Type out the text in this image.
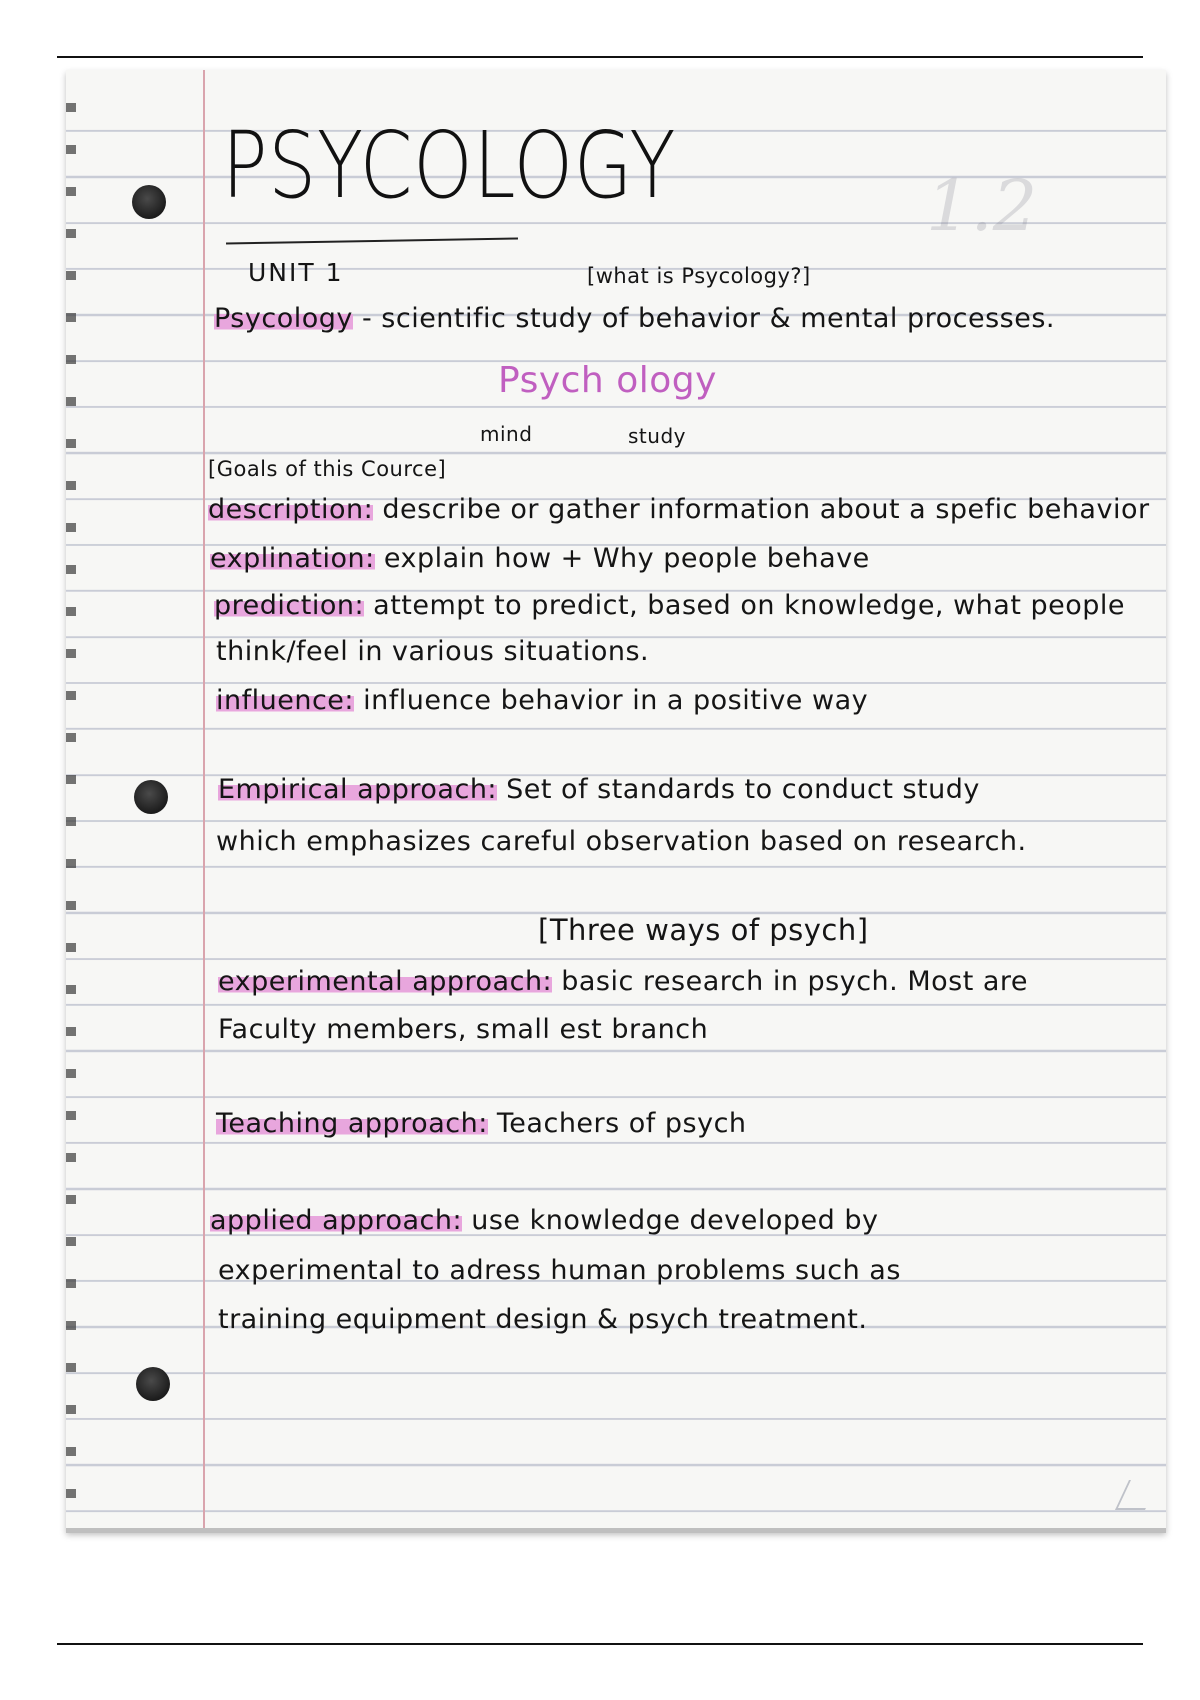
1.2
PSYCOLOGY
UNIT 1	[what is Psycology?]
Psycology - scientific study of behavior & mental processes.
Psych ology
mind	study
[Goals of this Cource]
description: describe or gather information about a spefic behavior
explination: explain how + Why people behave
prediction: attempt to predict, based on knowledge, what people
think/feel in various situations.
influence: influence behavior in a positive way
Empirical approach: Set of standards to conduct study
which emphasizes careful observation based on research.
[Three ways of psych]
experimental approach: basic research in psych. Most are
Faculty members, small est branch
Teaching approach: Teachers of psych
applied approach: use knowledge developed by
experimental to adress human problems such as
training equipment design & psych treatment.
